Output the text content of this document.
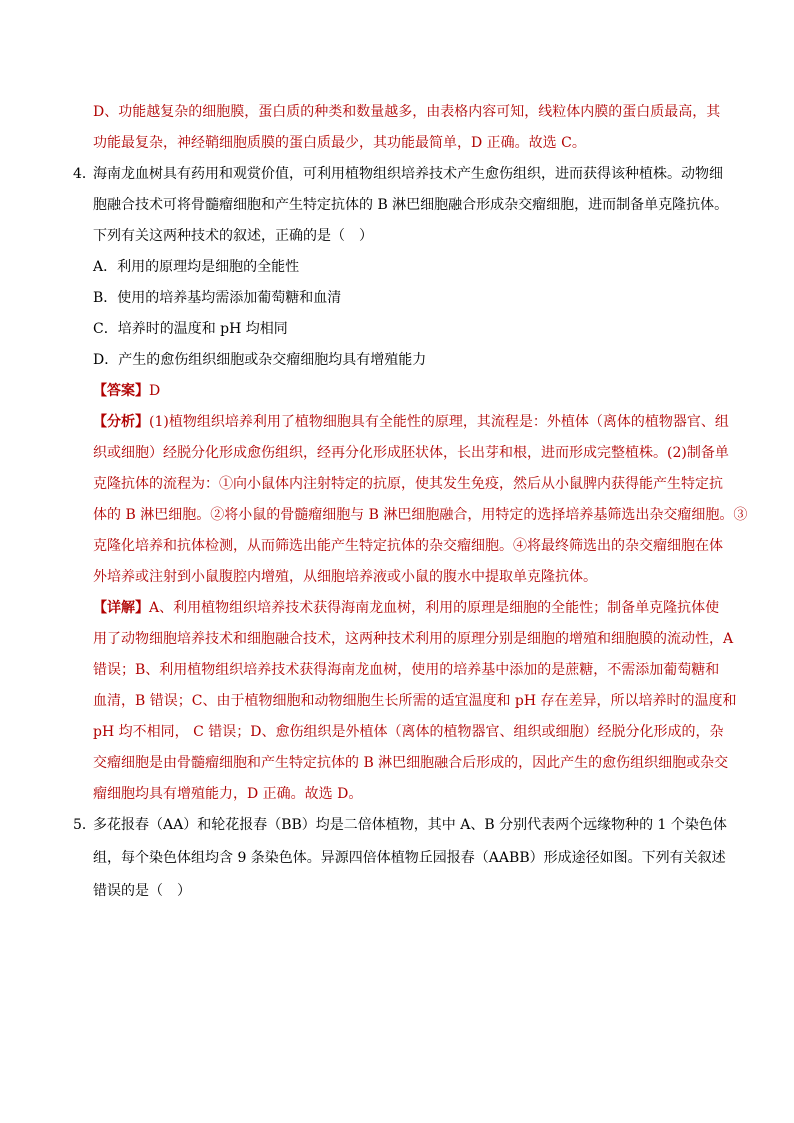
D、功能越复杂的细胞膜，蛋白质的种类和数量越多，由表格内容可知，线粒体内膜的蛋白质最高，其
功能最复杂，神经鞘细胞质膜的蛋白质最少，其功能最简单，D 正确。故选 C。
4．
海南龙血树具有药用和观赏价值，可利用植物组织培养技术产生愈伤组织，进而获得该种植株。动物细
胞融合技术可将骨髓瘤细胞和产生特定抗体的 B 淋巴细胞融合形成杂交瘤细胞，进而制备单克隆抗体。
下列有关这两种技术的叙述，正确的是（　）
A．利用的原理均是细胞的全能性
B．使用的培养基均需添加葡萄糖和血清
C．培养时的温度和 pH 均相同
D．产生的愈伤组织细胞或杂交瘤细胞均具有增殖能力
【答案】D
【分析】(1)植物组织培养利用了植物细胞具有全能性的原理，其流程是：外植体（离体的植物器官、组
织或细胞）经脱分化形成愈伤组织，经再分化形成胚状体，长出芽和根，进而形成完整植株。(2)制备单
克隆抗体的流程为：①向小鼠体内注射特定的抗原，使其发生免疫，然后从小鼠脾内获得能产生特定抗
体的 B 淋巴细胞。②将小鼠的骨髓瘤细胞与 B 淋巴细胞融合，用特定的选择培养基筛选出杂交瘤细胞。③
克隆化培养和抗体检测，从而筛选出能产生特定抗体的杂交瘤细胞。④将最终筛选出的杂交瘤细胞在体
外培养或注射到小鼠腹腔内增殖，从细胞培养液或小鼠的腹水中提取单克隆抗体。
【详解】A、利用植物组织培养技术获得海南龙血树，利用的原理是细胞的全能性；制备单克隆抗体使
用了动物细胞培养技术和细胞融合技术，这两种技术利用的原理分别是细胞的增殖和细胞膜的流动性，A
错误；B、利用植物组织培养技术获得海南龙血树，使用的培养基中添加的是蔗糖，不需添加葡萄糖和
血清，B 错误；C、由于植物细胞和动物细胞生长所需的适宜温度和 pH 存在差异，所以培养时的温度和
pH 均不相同， C 错误；D、愈伤组织是外植体（离体的植物器官、组织或细胞）经脱分化形成的，杂
交瘤细胞是由骨髓瘤细胞和产生特定抗体的 B 淋巴细胞融合后形成的，因此产生的愈伤组织细胞或杂交
瘤细胞均具有增殖能力，D 正确。故选 D。
5．
多花报春（AA）和轮花报春（BB）均是二倍体植物，其中 A、B 分别代表两个远缘物种的 1 个染色体
组，每个染色体组均含 9 条染色体。异源四倍体植物丘园报春（AABB）形成途径如图。下列有关叙述
错误的是（　）
